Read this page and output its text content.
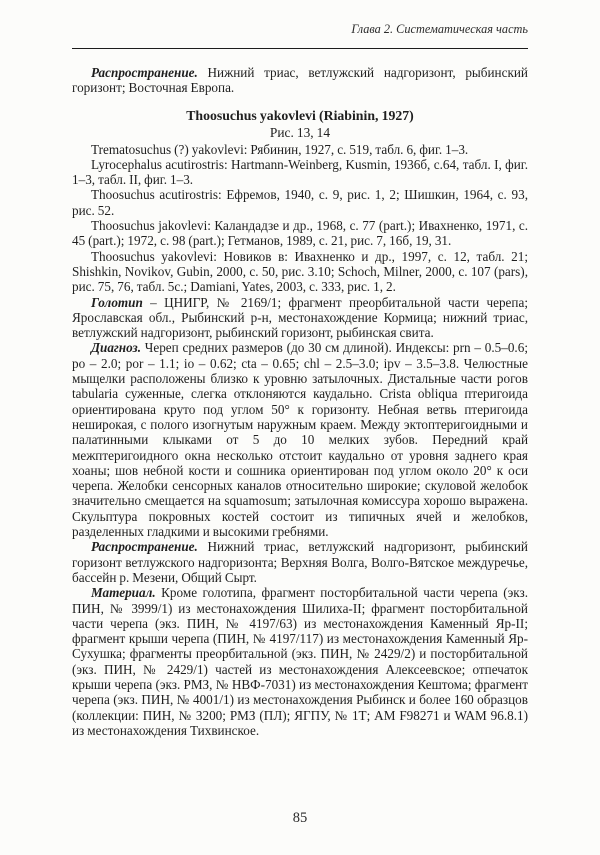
Глава 2. Систематическая часть

Распространение. Нижний триас, ветлужский надгоризонт, рыбинский горизонт; Восточная Европа.

Thoosuchus yakovlevi (Riabinin, 1927)

Рис. 13, 14

Trematosuchus (?) yakovlevi: Рябинин, 1927, с. 519, табл. 6, фиг. 1–3.

Lyrocephalus acutirostris: Hartmann-Weinberg, Kusmin, 1936б, с.64, табл. I, фиг. 1–3, табл. II, фиг. 1–3.

Thoosuchus acutirostris: Ефремов, 1940, с. 9, рис. 1, 2; Шишкин, 1964, с. 93, рис. 52.

Thoosuchus jakovlevi: Каландадзе и др., 1968, с. 77 (part.); Ивахненко, 1971, с. 45 (part.); 1972, с. 98 (part.); Гетманов, 1989, с. 21, рис. 7, 16б, 19, 31.

Thoosuchus yakovlevi: Новиков в: Ивахненко и др., 1997, с. 12, табл. 21; Shishkin, Novikov, Gubin, 2000, с. 50, рис. 3.10; Schoch, Milner, 2000, с. 107 (pars), рис. 75, 76, табл. 5с.; Damiani, Yates, 2003, с. 333, рис. 1, 2.

Голотип – ЦНИГР, № 2169/1; фрагмент преорбитальной части черепа; Ярославская обл., Рыбинский р-н, местонахождение Кормица; нижний триас, ветлужский надгоризонт, рыбинский горизонт, рыбинская свита.

Диагноз. Череп средних размеров (до 30 см длиной). Индексы: prn – 0.5–0.6; po – 2.0; por – 1.1; io – 0.62; cta – 0.65; chl – 2.5–3.0; ipv – 3.5–3.8. Челюстные мыщелки расположены близко к уровню затылочных. Дистальные части рогов tabularia суженные, слегка отклоняются каудально. Crista obliqua птеригоида ориентирована круто под углом 50° к горизонту. Небная ветвь птеригоида неширокая, с полого изогнутым наружным краем. Между эктоптеригоидными и палатинными клыками от 5 до 10 мелких зубов. Передний край межптеригоидного окна несколько отстоит каудально от уровня заднего края хоаны; шов небной кости и сошника ориентирован под углом около 20° к оси черепа. Желобки сенсорных каналов относительно широкие; скуловой желобок значительно смещается на squamosum; затылочная комиссура хорошо выражена. Скульптура покровных костей состоит из типичных ячей и желобков, разделенных гладкими и высокими гребнями.

Распространение. Нижний триас, ветлужский надгоризонт, рыбинский горизонт ветлужского надгоризонта; Верхняя Волга, Волго-Вятское междуречье, бассейн р. Мезени, Общий Сырт.

Материал. Кроме голотипа, фрагмент посторбитальной части черепа (экз. ПИН, № 3999/1) из местонахождения Шилиха-II; фрагмент посторбитальной части черепа (экз. ПИН, № 4197/63) из местонахождения Каменный Яр-II; фрагмент крыши черепа (ПИН, № 4197/117) из местонахождения Каменный Яр-Сухушка; фрагменты преорбитальной (экз. ПИН, № 2429/2) и посторбитальной (экз. ПИН, № 2429/1) частей из местонахождения Алексеевское; отпечаток крыши черепа (экз. РМЗ, № НВФ-7031) из местонахождения Кештома; фрагмент черепа (экз. ПИН, № 4001/1) из местонахождения Рыбинск и более 160 образцов (коллекции: ПИН, № 3200; РМЗ (ПЛ); ЯГПУ, № 1Т; АМ F98271 и WAM 96.8.1) из местонахождения Тихвинское.

85
